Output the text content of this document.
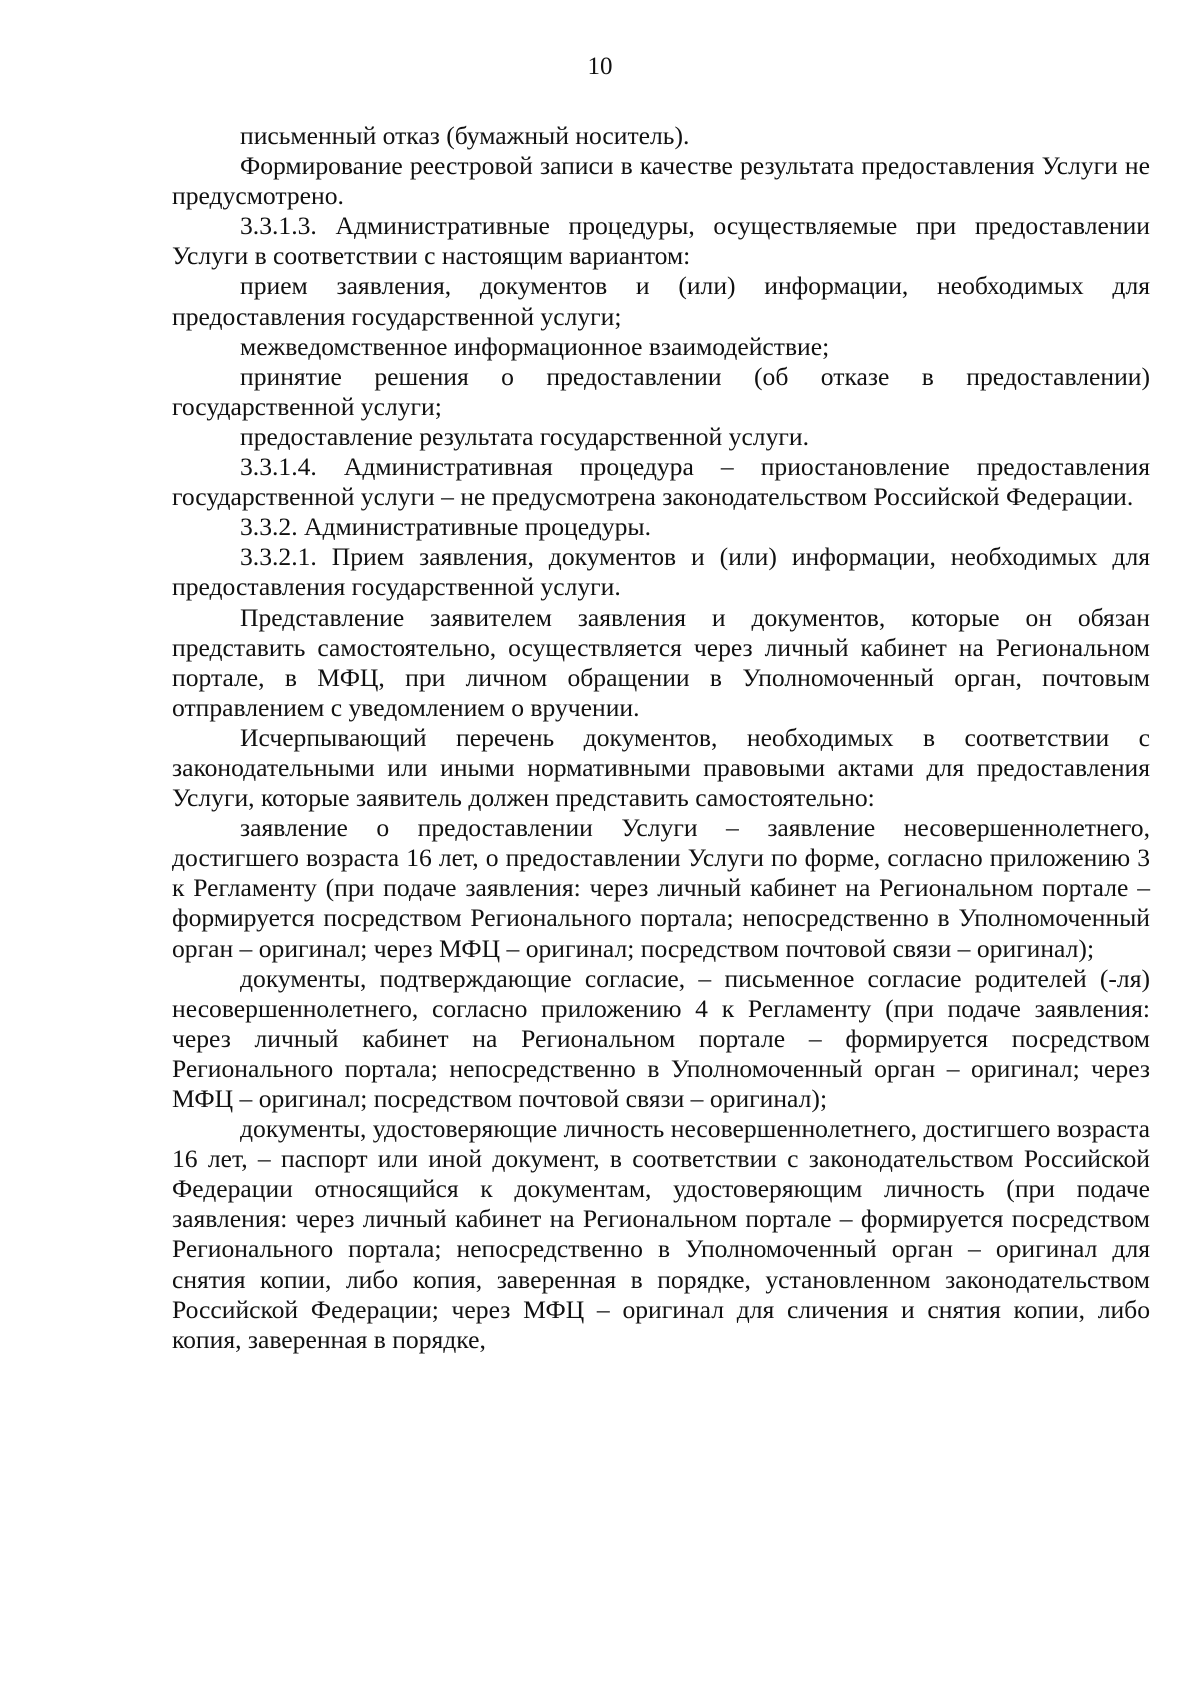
10

письменный отказ (бумажный носитель).

Формирование реестровой записи в качестве результата предоставления Услуги не предусмотрено.

3.3.1.3. Административные процедуры, осуществляемые при предоставлении Услуги в соответствии с настоящим вариантом:

прием заявления, документов и (или) информации, необходимых для предоставления государственной услуги;

межведомственное информационное взаимодействие;

принятие решения о предоставлении (об отказе в предоставлении) государственной услуги;

предоставление результата государственной услуги.

3.3.1.4. Административная процедура – приостановление предоставления государственной услуги – не предусмотрена законодательством Российской Федерации.

3.3.2. Административные процедуры.

3.3.2.1. Прием заявления, документов и (или) информации, необходимых для предоставления государственной услуги.

Представление заявителем заявления и документов, которые он обязан представить самостоятельно, осуществляется через личный кабинет на Региональном портале, в МФЦ, при личном обращении в Уполномоченный орган, почтовым отправлением с уведомлением о вручении.

Исчерпывающий перечень документов, необходимых в соответствии с законодательными или иными нормативными правовыми актами для предоставления Услуги, которые заявитель должен представить самостоятельно:

заявление о предоставлении Услуги – заявление несовершеннолетнего, достигшего возраста 16 лет, о предоставлении Услуги по форме, согласно приложению 3 к Регламенту (при подаче заявления: через личный кабинет на Региональном портале – формируется посредством Регионального портала; непосредственно в Уполномоченный орган – оригинал; через МФЦ – оригинал; посредством почтовой связи – оригинал);

документы, подтверждающие согласие, – письменное согласие родителей (-ля) несовершеннолетнего, согласно приложению 4 к Регламенту (при подаче заявления: через личный кабинет на Региональном портале – формируется посредством Регионального портала; непосредственно в Уполномоченный орган – оригинал; через МФЦ – оригинал; посредством почтовой связи – оригинал);

документы, удостоверяющие личность несовершеннолетнего, достигшего возраста 16 лет, – паспорт или иной документ, в соответствии с законодательством Российской Федерации относящийся к документам, удостоверяющим личность (при подаче заявления: через личный кабинет на Региональном портале – формируется посредством Регионального портала; непосредственно в Уполномоченный орган – оригинал для снятия копии, либо копия, заверенная в порядке, установленном законодательством Российской Федерации; через МФЦ – оригинал для сличения и снятия копии, либо копия, заверенная в порядке,
